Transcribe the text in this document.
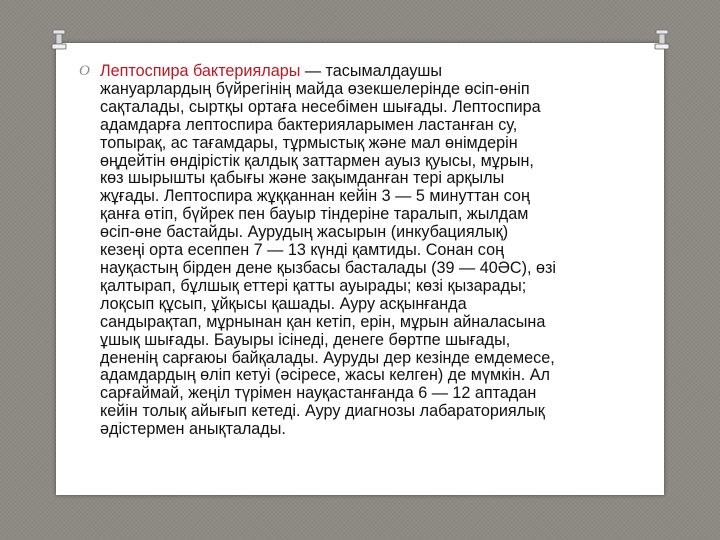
O Лептоспира бактериялары — тасымалдаушы
жануарлардың бүйрегінің майда өзекшелерінде өсіп-өніп
сақталады, сыртқы ортаға несебімен шығады. Лептоспира
адамдарға лептоспира бактерияларымен ластанған су,
топырақ, ас тағамдары, тұрмыстық және мал өнімдерін
өңдейтін өндірістік қалдық заттармен ауыз қуысы, мұрын,
көз шырышты қабығы және зақымданған тері арқылы
жұғады. Лептоспира жұққаннан кейін 3 — 5 минуттан соң
қанға өтіп, бүйрек пен бауыр тіндеріне таралып, жылдам
өсіп-өне бастайды. Аурудың жасырын (инкубациялық)
кезеңі орта есеппен 7 — 13 күнді қамтиды. Сонан соң
науқастың бірден дене қызбасы басталады (39 — 40ӘС), өзі
қалтырап, бұлшық еттері қатты ауырады; көзі қызарады;
лоқсып құсып, ұйқысы қашады. Ауру асқынғанда
сандырақтап, мұрнынан қан кетіп, ерін, мұрын айналасына
ұшық шығады. Бауыры ісінеді, денеге бөртпе шығады,
дененің сарғаюы байқалады. Ауруды дер кезінде емдемесе,
адамдардың өліп кетуі (әсіресе, жасы келген) де мүмкін. Ал
сарғаймай, жеңіл түрімен науқастанғанда 6 — 12 аптадан
кейін толық айығып кетеді. Ауру диагнозы лабараториялық
әдістермен анықталады.
